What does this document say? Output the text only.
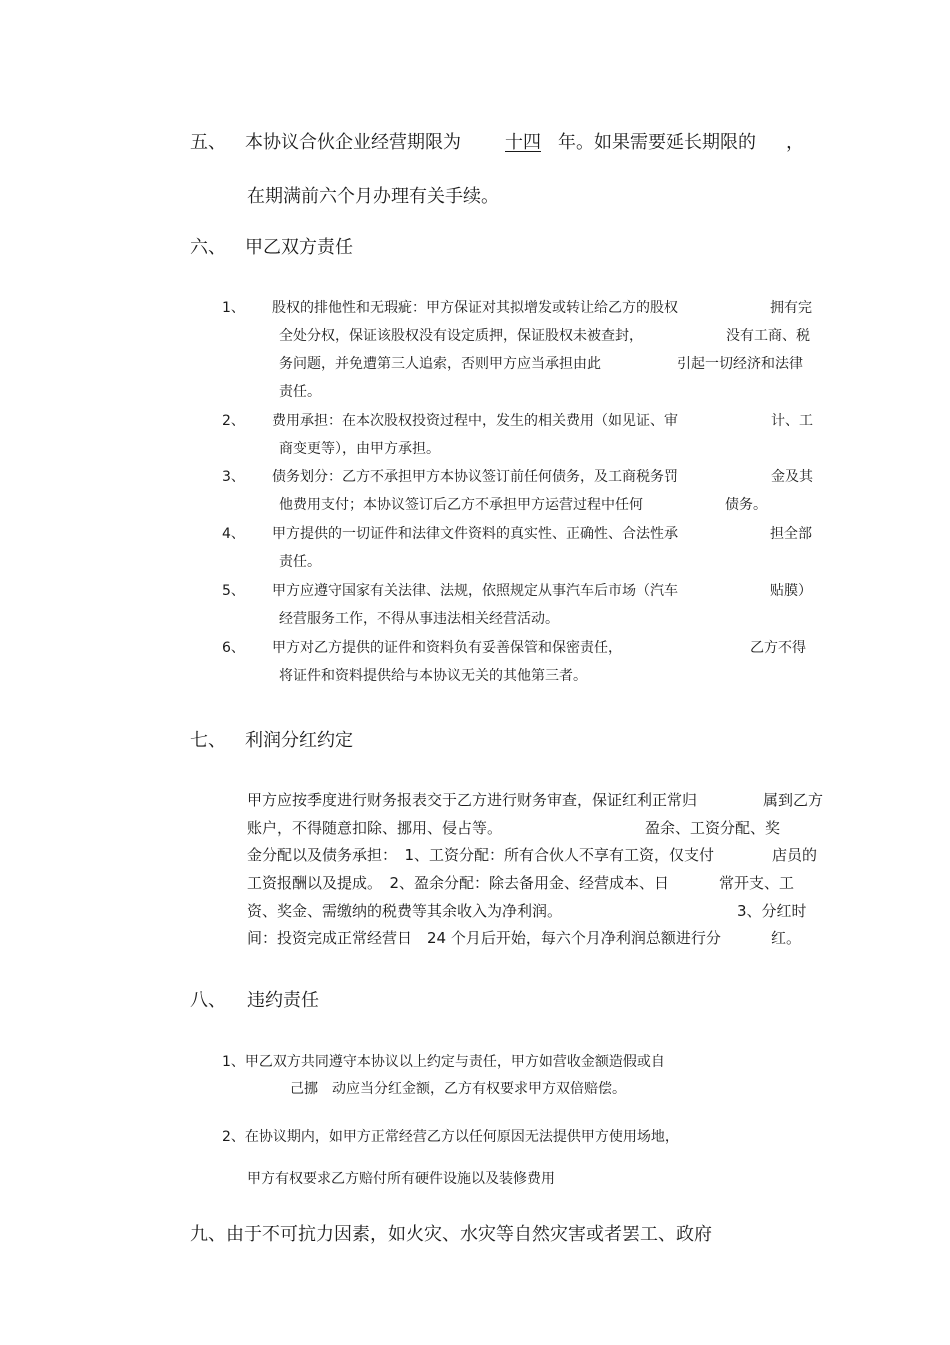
五、 本协议合伙企业经营期限为 十四 年。如果需要延长期限的 ，
在期满前六个月办理有关手续。
六、 甲乙双方责任
1、 股权的排他性和无瑕疵：甲方保证对其拟增发或转让给乙方的股权	拥有完
全处分权，保证该股权没有设定质押，保证股权未被查封，	没有工商、税
务问题，并免遭第三人追索，否则甲方应当承担由此	引起一切经济和法律
责任。
2、 费用承担：在本次股权投资过程中，发生的相关费用（如见证、审	计、工
商变更等），由甲方承担。
3、 债务划分：乙方不承担甲方本协议签订前任何债务，及工商税务罚	金及其
他费用支付；本协议签订后乙方不承担甲方运营过程中任何	债务。
4、 甲方提供的一切证件和法律文件资料的真实性、正确性、合法性承	担全部
责任。
5、 甲方应遵守国家有关法律、法规，依照规定从事汽车后市场（汽车	贴膜）
经营服务工作，不得从事违法相关经营活动。
6、 甲方对乙方提供的证件和资料负有妥善保管和保密责任，	乙方不得
将证件和资料提供给与本协议无关的其他第三者。
七、 利润分红约定
甲方应按季度进行财务报表交于乙方进行财务审查，保证红利正常归	属到乙方
账户，不得随意扣除、挪用、侵占等。	盈余、工资分配、奖
金分配以及债务承担：　1、工资分配：所有合伙人不享有工资，仅支付	店员的
工资报酬以及提成。　2、盈余分配：除去备用金、经营成本、日	常开支、工
资、奖金、需缴纳的税费等其余收入为净利润。	3、分红时
间：投资完成正常经营日　24 个月后开始，每六个月净利润总额进行分	红。
八、 违约责任
1、甲乙双方共同遵守本协议以上约定与责任，甲方如营收金额造假或自
己挪　动应当分红金额，乙方有权要求甲方双倍赔偿。
2、在协议期内，如甲方正常经营乙方以任何原因无法提供甲方使用场地，
甲方有权要求乙方赔付所有硬件设施以及装修费用
九、由于不可抗力因素，如火灾、水灾等自然灾害或者罢工、政府
